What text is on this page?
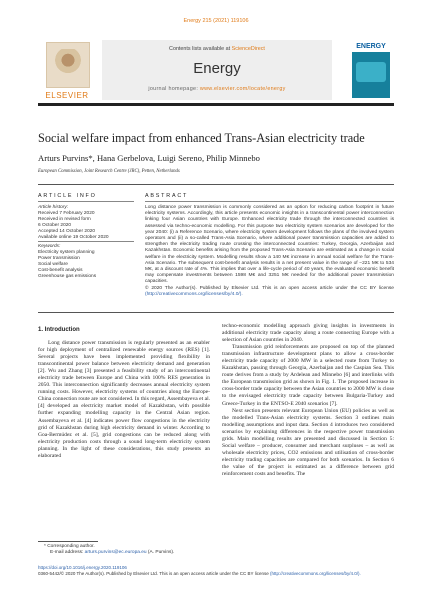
Energy 215 (2021) 119106
ELSEVIER
Contents lists available at ScienceDirect
Energy
journal homepage: www.elsevier.com/locate/energy
ENERGY
Social welfare impact from enhanced Trans-Asian electricity trade
Arturs Purvins*, Hana Gerbelova, Luigi Sereno, Philip Minnebo
European Commission, Joint Research Centre (JRC), Petten, Netherlands
ARTICLE INFO	ABSTRACT
Article history:
Received 7 February 2020
Received in revised form
6 October 2020
Accepted 14 October 2020
Available online 19 October 2020
Keywords:
Electricity system planning
Power transmission
Social welfare
Cost-benefit analysis
Greenhouse gas emissions

Long distance power transmission is commonly considered as an option for reducing carbon footprint in future electricity systems. Accordingly, this article presents economic insights in a transcontinental power interconnection linking four Asian countries with Europe. Enhanced electricity trade through the interconnected countries is assessed via techno-economic modelling. For this purpose two electricity system scenarios are developed for the year 2040: (i) a Reference Scenario, where electricity system development follows the plans of the involved system operators and (ii) a so-called Trans-Asia Scenario, where additional power transmission capacities are added to strengthen the electricity trading route crossing the interconnected countries: Turkey, Georgia, Azerbaijan and Kazakhstan. Economic benefits arising from the proposed Trans-Asia Scenario are estimated as a change in social welfare in the electricity system. Modelling results show a 140 M€ increase in annual social welfare for the Trans-Asia Scenario. The subsequent cost-benefit analysis results in a net present value in the range of −221 M€ to 534 M€, at a discount rate of 4%. This implies that over a life-cycle period of 40 years, the evaluated economic benefit may compensate investments between 1598 M€ and 3251 M€ needed for the additional power transmission capacities.

© 2020 The Author(s). Published by Elsevier Ltd. This is an open access article under the CC BY license (http://creativecommons.org/licenses/by/4.0/).
1. Introduction

Long distance power transmission is regularly presented as an enabler for high deployment of centralized renewable energy sources (RES) [1]. Several projects have been implemented providing flexibility in transcontinental power balance between electricity demand and generation [2]. Wu and Zhang [3] presented a feasibility study of an intercontinental electricity trade between Europe and China with 100% RES generation in 2050. This interconnection significantly decreases annual electricity system running costs. However, electricity systems of countries along the Europe-China connection route are not considered. In this regard, Assembayeva et al. [4] developed an electricity market model of Kazakhstan, with possible further expanding modelling capacity in the Central Asian region. Assembayeva et al. [4] indicates power flow congestions in the electricity grid of Kazakhstan during high electricity demand in winter. According to Goa-Bermúdez et al. [5], grid congestions can be reduced along with electricity production costs through a sound long-term electricity system planning. In the light of these considerations, this study presents an elaborated

techno-economic modelling approach giving insights in investments in additional electricity trade capacity along a route connecting Europe with a selection of Asian countries in 2040.

Transmission grid reinforcements are proposed on top of the planned transmission infrastructure development plans to allow a cross-border electricity trade capacity of 2000 MW in a selected route from Turkey to Kazakhstan, passing through Georgia, Azerbaijan and the Caspian Sea. This route derives from a study by Ardelean and Minnebo [6] and interlinks with the European transmission grid as shown in Fig. 1. The proposed increase in cross-border trade capacity between the Asian countries to 2000 MW is close to the envisaged electricity trade capacity between Bulgaria-Turkey and Greece-Turkey in the ENTSO-E 2040 scenarios [7].

Next section presents relevant European Union (EU) policies as well as the modelled Trans-Asian electricity systems. Section 3 outlines main modelling assumptions and input data. Section 4 introduces two considered scenarios by explaining differences in the respective power transmission grids. Main modelling results are presented and discussed in Section 5: Social welfare – producer, consumer and merchant surpluses – as well as wholesale electricity prices, CO2 emissions and utilisation of cross-border electricity trading capacities are compared for both scenarios. In Section 6 the value of the project is estimated as a difference between grid reinforcement costs and benefits. The

* Corresponding author.
E-mail address: arturs.purvins@ec.europa.eu (A. Purvins).
https://doi.org/10.1016/j.energy.2020.119106
0360-5442/© 2020 The Author(s). Published by Elsevier Ltd. This is an open access article under the CC BY license (http://creativecommons.org/licenses/by/4.0/).
